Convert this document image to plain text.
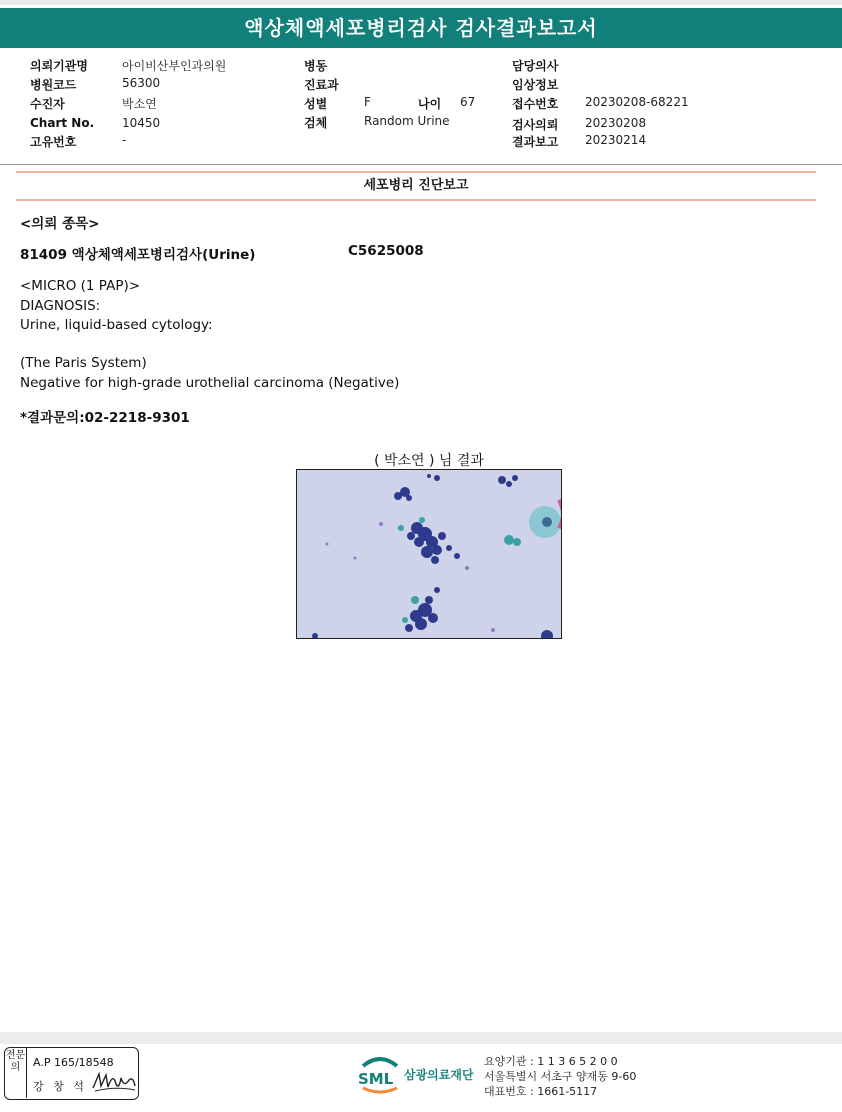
액상체액세포병리검사 검사결과보고서
의뢰기관명	아이비산부인과의원
병원코드	56300
수진자	박소연
Chart No. 10450
고유번호	-
병동
진료과
성별	F	나이 67
검체	Random Urine
담당의사
임상정보
접수번호 20230208-68221
검사의뢰 20230208
결과보고 20230214
세포병리 진단보고
<의뢰 종목>
81409 액상체액세포병리검사(Urine)	C5625008
<MICRO (1 PAP)>
DIAGNOSIS:
Urine, liquid-based cytology:
(The Paris System)
Negative for high-grade urothelial carcinoma (Negative)
*결과문의:02-2218-9301
( 박소연 ) 님 결과
전문의	A.P 165/18548
강 창 석	SML 삼광의료재단
요양기관 : 1 1 3 6 5 2 0 0
서울특별시 서초구 양재동 9-60
대표번호 : 1661-5117
